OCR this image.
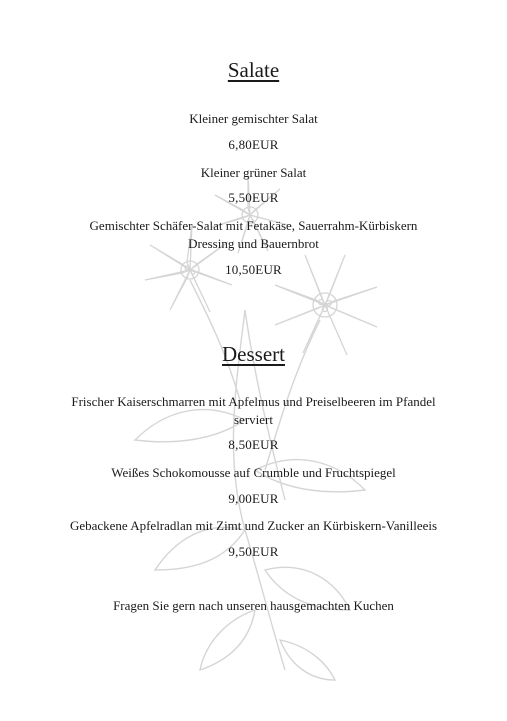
Salate
Kleiner gemischter Salat
6,80EUR
Kleiner grüner Salat
5,50EUR
Gemischter Schäfer-Salat mit Fetakäse, Sauerrahm-Kürbiskern
Dressing und Bauernbrot
10,50EUR
Dessert
Frischer Kaiserschmarren mit Apfelmus und Preiselbeeren im Pfandel
serviert
8,50EUR
Weißes Schokomousse auf Crumble und Fruchtspiegel
9,00EUR
Gebackene Apfelradlan mit Zimt und Zucker an Kürbiskern-Vanilleeis
9,50EUR
Fragen Sie gern nach unseren hausgemachten Kuchen
